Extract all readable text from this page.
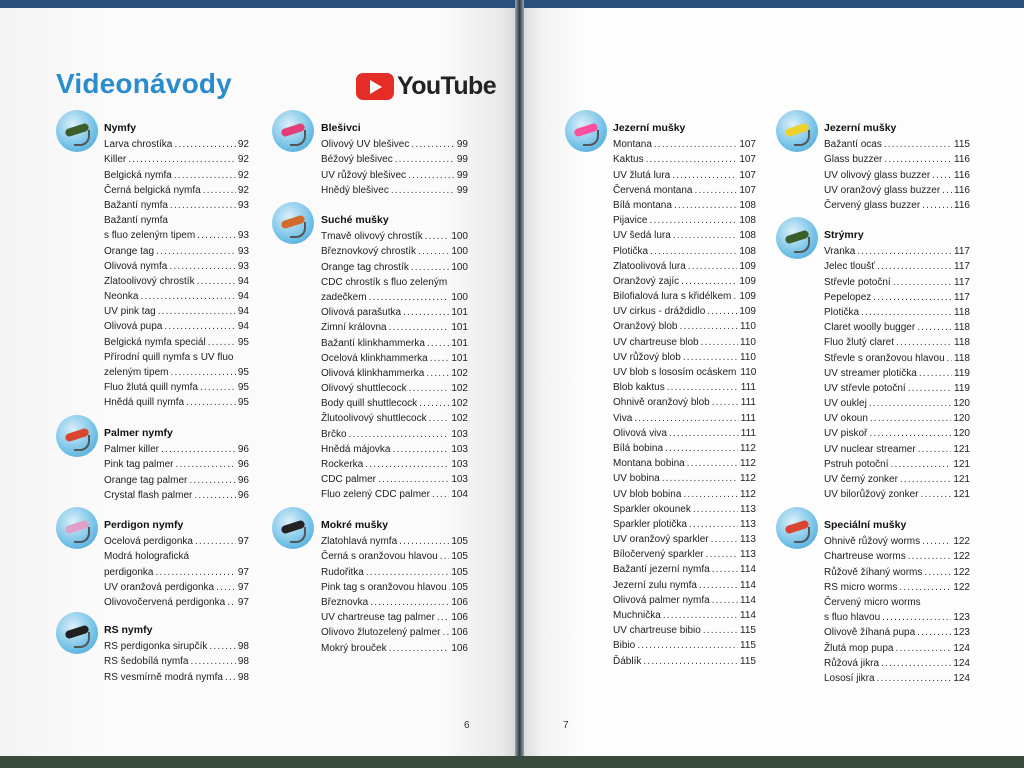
Videonávody	YouTube
Nymfy
Larva chrostíka .....	92
Killer .....	92
Belgická nymfa .....	92
Černá belgická nymfa .....	92
Bažantí nymfa .....	93
Bažantí nymfa
s fluo zeleným tipem .....	93
Orange tag .....	93
Olivová nymfa .....	93
Zlatoolivový chrostík .....	94
Neonka .....	94
UV pink tag .....	94
Olivová pupa .....	94
Belgická nymfa speciál .....	95
Přírodní quill nymfa s UV fluo
zeleným tipem .....	95
Fluo žlutá quill nymfa .....	95
Hnědá quill nymfa .....	95
Palmer nymfy
Palmer killer .....	96
Pink tag palmer .....	96
Orange tag palmer .....	96
Crystal flash palmer .....	96
Perdigon nymfy
Ocelová perdigonka .....	97
Modrá holografická
perdigonka .....	97
UV oranžová perdigonka ..... 97
Olivovočervená perdigonka ..... 97
RS nymfy
RS perdigonka sirupčík .....	98
RS šedobílá nymfa .....	98
RS vesmírně modrá nymfa ..... 98
Blešivci
Olivový UV blešivec .....	99
Béžový blešivec .....	99
UV růžový blešivec .....	99
Hnědý blešivec .....	99
Suché mušky
Tmavě olivový chrostík .....	100
Březnovkový chrostík .....	100
Orange tag chrostík .....	100
CDC chrostík s fluo zeleným
zadečkem .....	100
Olivová parašutka .....	101
Zimní královna .....	101
Bažantí klinkhammerka .....	101
Ocelová klinkhammerka ..... 101
Olivová klinkhammerka .....	102
Olivový shuttlecock .....	102
Body quill shuttlecock .....	102
Žlutoolivový shuttlecock ..... 102
Brčko .....	103
Hnědá májovka .....	103
Rockerka .....	103
CDC palmer .....	103
Fluo zelený CDC palmer ..... 104
Mokré mušky
Zlatohlavá nymfa .....	105
Černá s oranžovou hlavou ..... 105
Rudořitka .....	105
Pink tag s oranžovou hlavou ..... 105
Březnovka .....	106
UV chartreuse tag palmer ..... 106
Olivovo žlutozelený palmer ..... 106
Mokrý brouček .....	106
6
Jezerní mušky
Montana .....	107
Kaktus .....	107
UV žlutá lura .....	107
Červená montana .....	107
Bílá montana .....	108
Pijavice .....	108
UV šedá lura .....	108
Plotička .....	108
Zlatoolivová lura .....	109
Oranžový zajíc .....	109
Bilofialová lura s křidélkem ..... 109
UV cirkus - dráždidlo .....	109
Oranžový blob .....	110
UV chartreuse blob .....	110
UV růžový blob .....	110
UV blob s lososím ocáskem 110
Blob kaktus .....	111
Ohnivě oranžový blob .....	111
Viva .....	111
Olivová viva .....	111
Bílá bobina .....	112
Montana bobina .....	112
UV bobina .....	112
UV blob bobina .....	112
Sparkler okounek .....	113
Sparkler plotička .....	113
UV oranžový sparkler .....	113
Bíločervený sparkler .....	113
Bažantí jezerní nymfa .....	114
Jezerní zulu nymfa .....	114
Olivová palmer nymfa .....	114
Muchnička .....	114
UV chartreuse bibio .....	115
Bibio .....	115
Ďáblík .....	115
Jezerní mušky
Bažantí ocas .....	115
Glass buzzer .....	116
UV olivový glass buzzer ..... 116
UV oranžový glass buzzer ..... 116
Červený glass buzzer .....	116
Strýmry
Vranka .....	117
Jelec tloušť .....	117
Střevle potoční .....	117
Pepelopez .....	117
Plotička .....	118
Claret woolly bugger .....	118
Fluo žlutý claret .....	118
Střevle s oranžovou hlavou ..... 118
UV streamer plotička .....	119
UV střevle potoční .....	119
UV ouklej .....	120
UV okoun .....	120
UV piskoř .....	120
UV nuclear streamer .....	121
Pstruh potoční .....	121
UV černý zonker .....	121
UV bilorůžový zonker .....	121
Speciální mušky
Ohnivě růžový worms .....	122
Chartreuse worms .....	122
Růžově žíhaný worms .....	122
RS micro worms .....	122
Červený micro worms
s fluo hlavou .....	123
Olivově žíhaná pupa .....	123
Žlutá mop pupa .....	124
Růžová jikra .....	124
Lososí jikra .....	124
7
